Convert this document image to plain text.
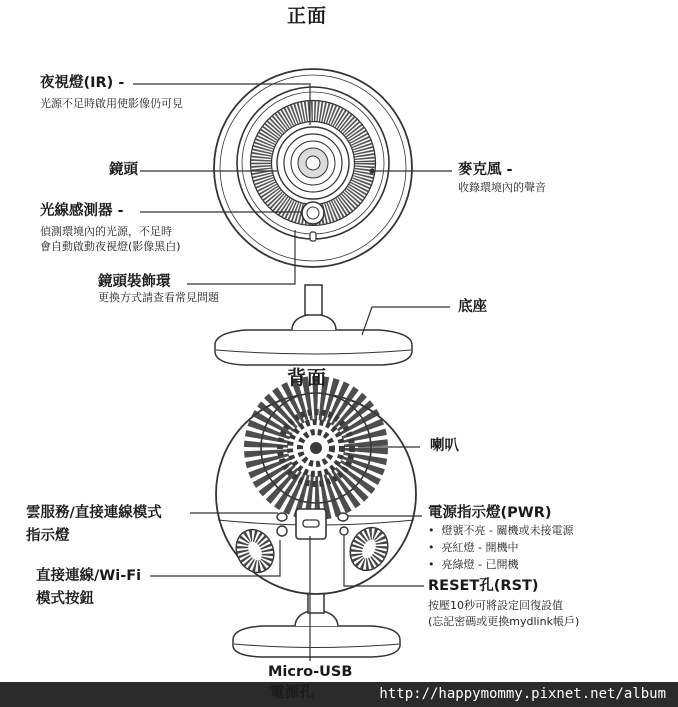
正面
夜視燈(IR) -
光源不足時啟用使影像仍可見
鏡頭
光線感測器 -
偵測環境內的光源，不足時
會自動啟動夜視燈(影像黑白)
鏡頭裝飾環
更換方式請查看常見問題
麥克風 -
收錄環境內的聲音
底座
背面
喇叭
雲服務/直接連線模式
指示燈
直接連線/Wi-Fi
模式按鈕
電源指示燈(PWR)
•  燈號不亮 - 關機或未接電源
•  亮紅燈 - 開機中
•  亮綠燈 - 已開機
RESET孔(RST)
按壓10秒可將設定回復設值
(忘記密碼或更換mydlink帳戶)
Micro-USB
電源孔	http://happymommy.pixnet.net/album
